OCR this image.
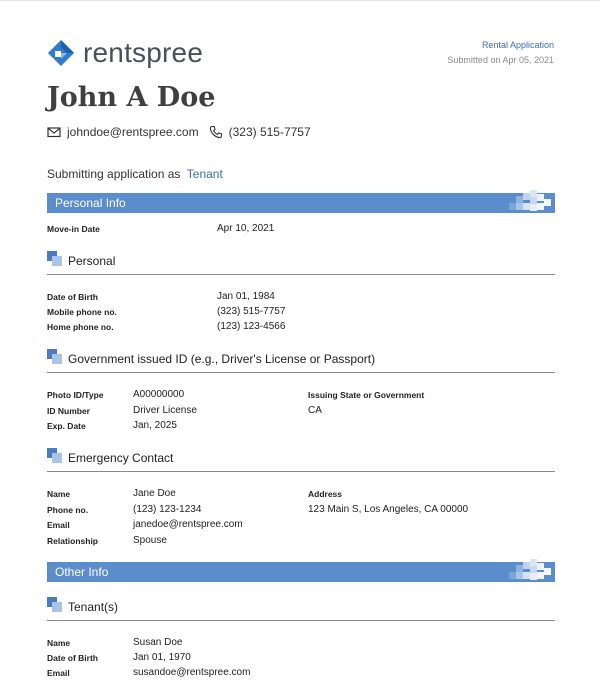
rentspree	Rental Application
Submitted on Apr 05, 2021
John A Doe
johndoe@rentspree.com	(323) 515-7757
Submitting application as Tenant
Personal Info
Move-in Date	Apr 10, 2021
Personal
Date of Birth	Jan 01, 1984
Mobile phone no.	(323) 515-7757
Home phone no.	(123) 123-4566
Government issued ID (e.g., Driver's License or Passport)
Photo ID/Type	A00000000
ID Number	Driver License
Exp. Date	Jan, 2025
Issuing State or Government
CA
Emergency Contact
Name	Jane Doe
Phone no.	(123) 123-1234
Email	janedoe@rentspree.com
Relationship	Spouse
Address
123 Main S, Los Angeles, CA 00000
Other Info
Tenant(s)
Name	Susan Doe
Date of Birth	Jan 01, 1970
Email	susandoe@rentspree.com
